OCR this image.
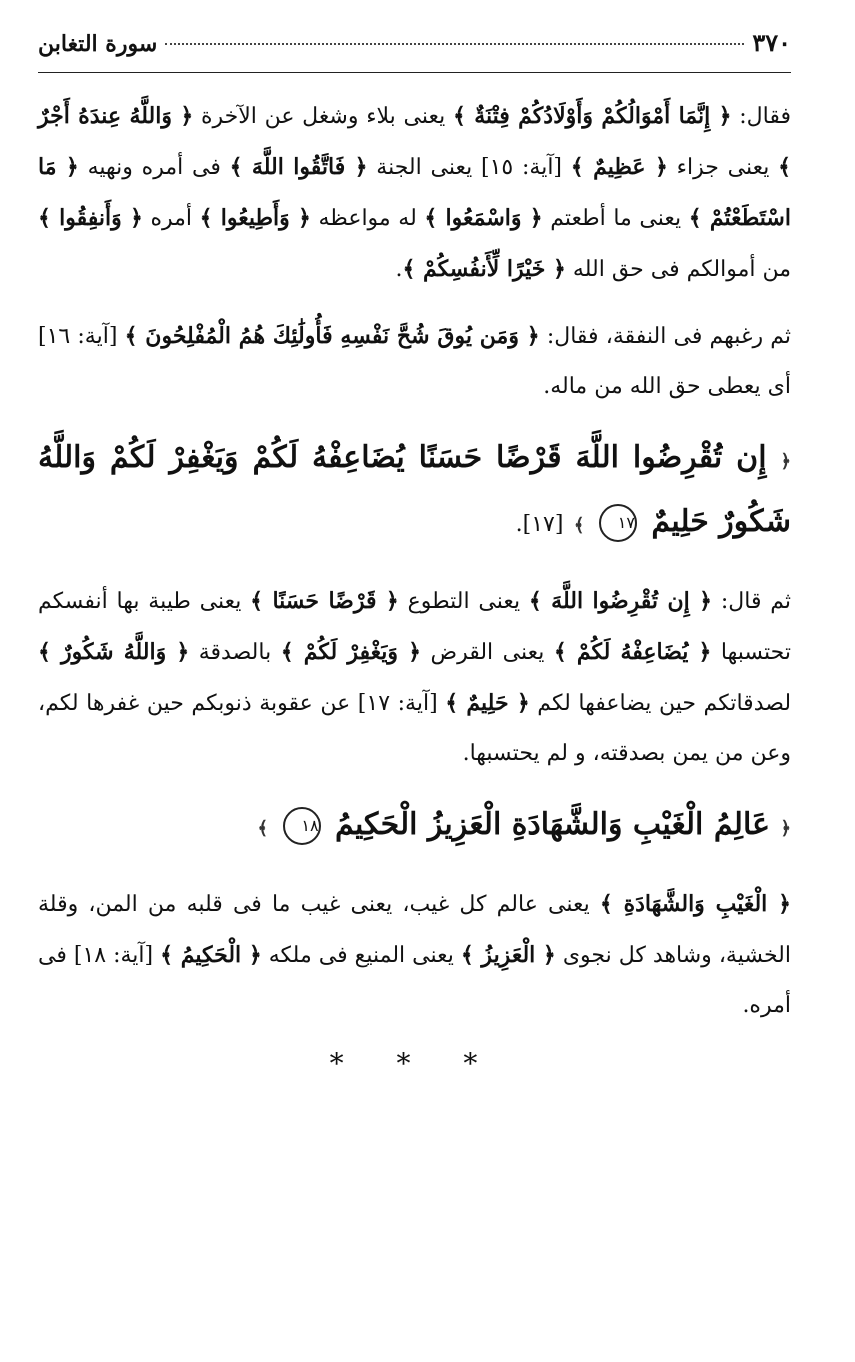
٣٧٠
سورة التغابن

فقال: ﴿ إِنَّمَا أَمْوَالُكُمْ وَأَوْلَادُكُمْ فِتْنَةٌ ﴾ يعنى بلاء وشغل عن الآخرة ﴿ وَاللَّهُ عِندَهُ أَجْرٌ ﴾ يعنى جزاء ﴿ عَظِيمٌ ﴾ [آية: ١٥] يعنى الجنة ﴿ فَاتَّقُوا اللَّهَ ﴾ فى أمره ونهيه ﴿ مَا اسْتَطَعْتُمْ ﴾ يعنى ما أطعتم ﴿ وَاسْمَعُوا ﴾ له مواعظه ﴿ وَأَطِيعُوا ﴾ أمره ﴿ وَأَنفِقُوا ﴾ من أموالكم فى حق الله ﴿ خَيْرًا لِّأَنفُسِكُمْ ﴾.

ثم رغبهم فى النفقة، فقال: ﴿ وَمَن يُوقَ شُحَّ نَفْسِهِ فَأُولَٰئِكَ هُمُ الْمُفْلِحُونَ ﴾ [آية: ١٦] أى يعطى حق الله من ماله.

﴿ إِن تُقْرِضُوا اللَّهَ قَرْضًا حَسَنًا يُضَاعِفْهُ لَكُمْ وَيَغْفِرْ لَكُمْ وَاللَّهُ شَكُورٌ حَلِيمٌ ١٧ ﴾ [١٧].

ثم قال: ﴿ إِن تُقْرِضُوا اللَّهَ ﴾ يعنى التطوع ﴿ قَرْضًا حَسَنًا ﴾ يعنى طيبة بها أنفسكم تحتسبها ﴿ يُضَاعِفْهُ لَكُمْ ﴾ يعنى القرض ﴿ وَيَغْفِرْ لَكُمْ ﴾ بالصدقة ﴿ وَاللَّهُ شَكُورٌ ﴾ لصدقاتكم حين يضاعفها لكم ﴿ حَلِيمٌ ﴾ [آية: ١٧] عن عقوبة ذنوبكم حين غفرها لكم، وعن من يمن بصدقته، و لم يحتسبها.

﴿ عَالِمُ الْغَيْبِ وَالشَّهَادَةِ الْعَزِيزُ الْحَكِيمُ ١٨ ﴾

﴿ الْغَيْبِ وَالشَّهَادَةِ ﴾ يعنى عالم كل غيب، يعنى غيب ما فى قلبه من المن، وقلة الخشية، وشاهد كل نجوى ﴿ الْعَزِيزُ ﴾ يعنى المنيع فى ملكه ﴿ الْحَكِيمُ ﴾ [آية: ١٨] فى أمره.

* * *
